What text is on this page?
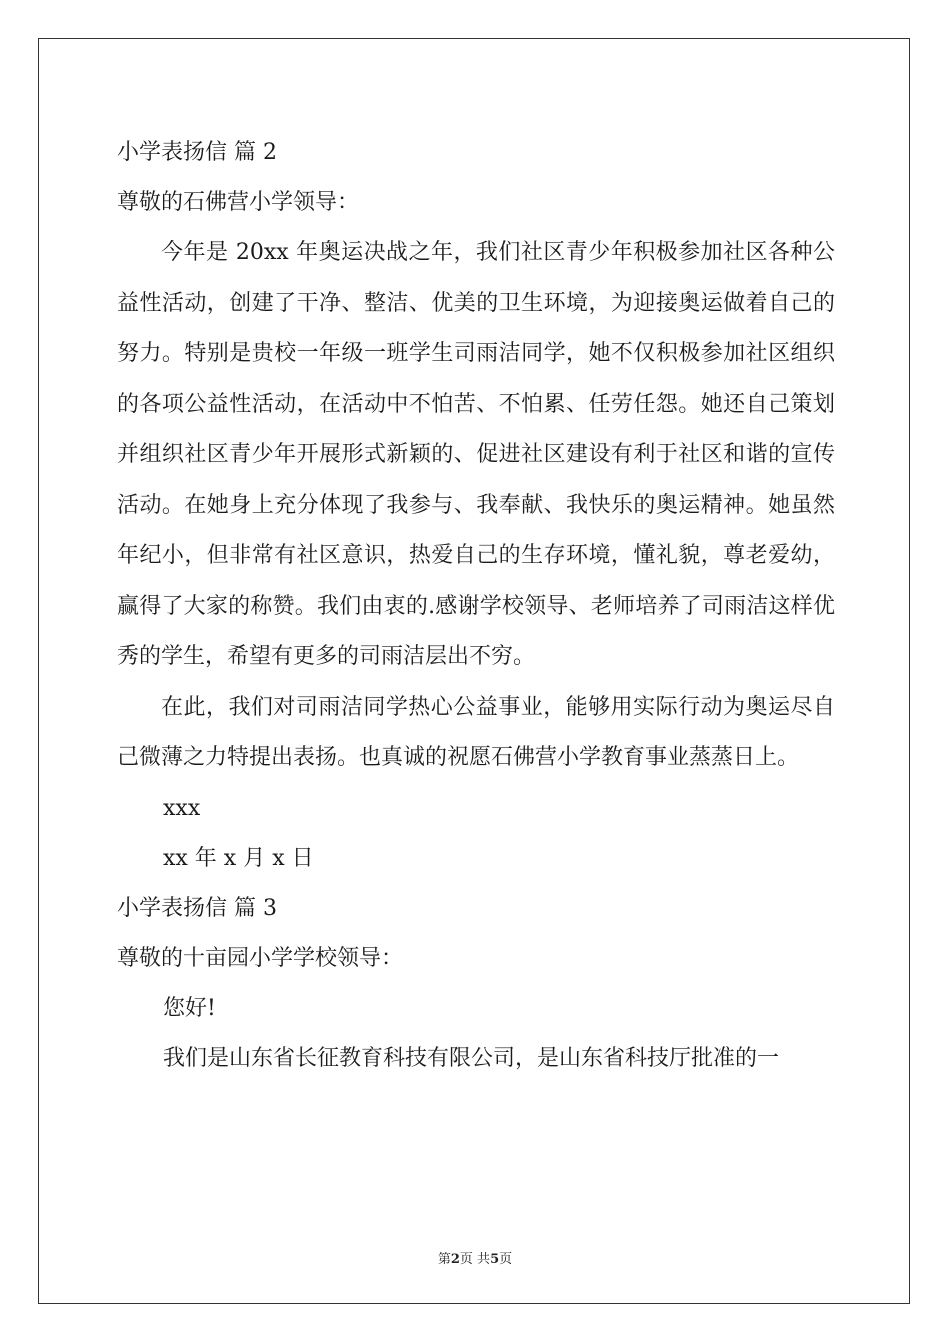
小学表扬信 篇 2
尊敬的石佛营小学领导：

今年是 20xx 年奥运决战之年，我们社区青少年积极参加社区各种公益性活动，创建了干净、整洁、优美的卫生环境，为迎接奥运做着自己的努力。特别是贵校一年级一班学生司雨洁同学，她不仅积极参加社区组织的各项公益性活动，在活动中不怕苦、不怕累、任劳任怨。她还自己策划并组织社区青少年开展形式新颖的、促进社区建设有利于社区和谐的宣传活动。在她身上充分体现了我参与、我奉献、我快乐的奥运精神。她虽然年纪小，但非常有社区意识，热爱自己的生存环境，懂礼貌，尊老爱幼，赢得了大家的称赞。我们由衷的.感谢学校领导、老师培养了司雨洁这样优秀的学生，希望有更多的司雨洁层出不穷。

在此，我们对司雨洁同学热心公益事业，能够用实际行动为奥运尽自己微薄之力特提出表扬。也真诚的祝愿石佛营小学教育事业蒸蒸日上。

xxx
xx 年 x 月 x 日
小学表扬信 篇 3
尊敬的十亩园小学学校领导：
您好!
我们是山东省长征教育科技有限公司，是山东省科技厅批准的一
第2页 共5页
